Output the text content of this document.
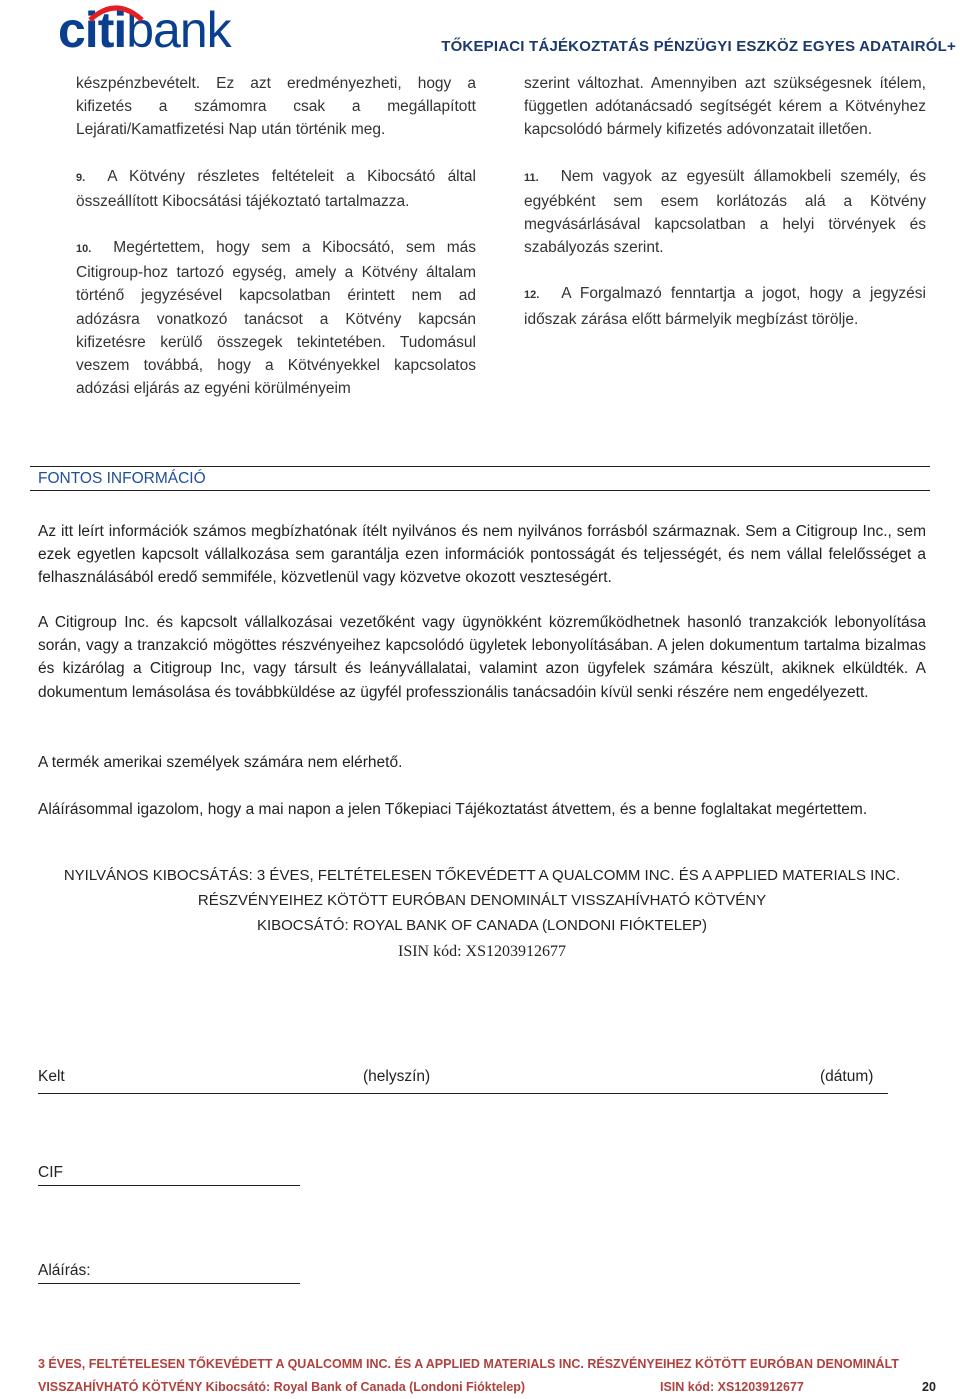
citibank	TŐKEPIACI TÁJÉKOZTATÁS PÉNZÜGYI ESZKÖZ EGYES ADATAIRÓL+

készpénzbevételt. Ez azt eredményezheti, hogy a kifizetés a számomra csak a megállapított Lejárati/Kamatfizetési Nap után történik meg.

9. A Kötvény részletes feltételeit a Kibocsátó által összeállított Kibocsátási tájékoztató tartalmazza.

10. Megértettem, hogy sem a Kibocsátó, sem más Citigroup-hoz tartozó egység, amely a Kötvény általam történő jegyzésével kapcsolatban érintett nem ad adózásra vonatkozó tanácsot a Kötvény kapcsán kifizetésre kerülő összegek tekintetében. Tudomásul veszem továbbá, hogy a Kötvényekkel kapcsolatos adózási eljárás az egyéni körülményeim

szerint változhat. Amennyiben azt szükségesnek ítélem, független adótanácsadó segítségét kérem a Kötvényhez kapcsolódó bármely kifizetés adóvonzatait illetően.

11. Nem vagyok az egyesült államokbeli személy, és egyébként sem esem korlátozás alá a Kötvény megvásárlásával kapcsolatban a helyi törvények és szabályozás szerint.

12. A Forgalmazó fenntartja a jogot, hogy a jegyzési időszak zárása előtt bármelyik megbízást törölje.

FONTOS INFORMÁCIÓ
Az itt leírt információk számos megbízhatónak ítélt nyilvános és nem nyilvános forrásból származnak. Sem a Citigroup Inc., sem ezek egyetlen kapcsolt vállalkozása sem garantálja ezen információk pontosságát és teljességét, és nem vállal felelősséget a felhasználásából eredő semmiféle, közvetlenül vagy közvetve okozott veszteségért.
A Citigroup Inc. és kapcsolt vállalkozásai vezetőként vagy ügynökként közreműködhetnek hasonló tranzakciók lebonyolítása során, vagy a tranzakció mögöttes részvényeihez kapcsolódó ügyletek lebonyolításában. A jelen dokumentum tartalma bizalmas és kizárólag a Citigroup Inc, vagy társult és leányvállalatai, valamint azon ügyfelek számára készült, akiknek elküldték. A dokumentum lemásolása és továbbküldése az ügyfél professzionális tanácsadóin kívül senki részére nem engedélyezett.
A termék amerikai személyek számára nem elérhető.
Aláírásommal igazolom, hogy a mai napon a jelen Tőkepiaci Tájékoztatást átvettem, és a benne foglaltakat megértettem.
NYILVÁNOS KIBOCSÁTÁS: 3 ÉVES, FELTÉTELESEN TŐKEVÉDETT A QUALCOMM INC. ÉS A APPLIED MATERIALS INC.
RÉSZVÉNYEIHEZ KÖTÖTT EURÓBAN DENOMINÁLT VISSZAHÍVHATÓ KÖTVÉNY
KIBOCSÁTÓ: ROYAL BANK OF CANADA (LONDONI FIÓKTELEP)
ISIN kód: XS1203912677
Kelt	(helyszín)	(dátum)
CIF
Aláírás:
3 ÉVES, FELTÉTELESEN TŐKEVÉDETT A QUALCOMM INC. ÉS A APPLIED MATERIALS INC. RÉSZVÉNYEIHEZ KÖTÖTT EURÓBAN DENOMINÁLT
VISSZAHÍVHATÓ KÖTVÉNY Kibocsátó: Royal Bank of Canada (Londoni Fióktelep)	ISIN kód: XS1203912677	20
